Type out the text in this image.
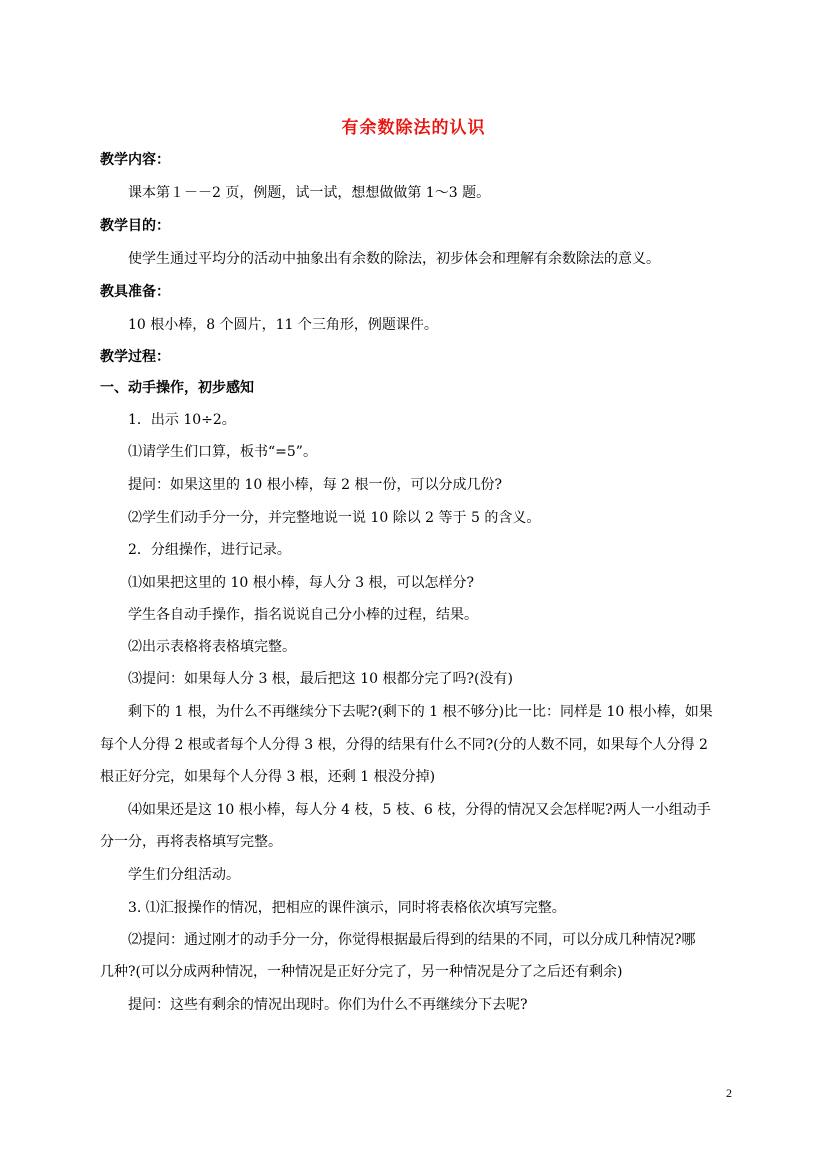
有余数除法的认识
教学内容：
课本第１－－2 页，例题，试一试，想想做做第 1～3 题。
教学目的：
使学生通过平均分的活动中抽象出有余数的除法，初步体会和理解有余数除法的意义。
教具准备：
10 根小棒，8 个圆片，11 个三角形，例题课件。
教学过程：
一、动手操作，初步感知
1．出示 10÷2。
⑴请学生们口算，板书“=5”。
提问：如果这里的 10 根小棒，每 2 根一份，可以分成几份?
⑵学生们动手分一分，并完整地说一说 10 除以 2 等于 5 的含义。
2．分组操作，进行记录。
⑴如果把这里的 10 根小棒，每人分 3 根，可以怎样分?
学生各自动手操作，指名说说自己分小棒的过程，结果。
⑵出示表格将表格填完整。
⑶提问：如果每人分 3 根，最后把这 10 根都分完了吗?(没有)
剩下的 1 根，为什么不再继续分下去呢?(剩下的 1 根不够分)比一比：同样是 10 根小棒，如果
每个人分得 2 根或者每个人分得 3 根，分得的结果有什么不同?(分的人数不同，如果每个人分得 2
根正好分完，如果每个人分得 3 根，还剩 1 根没分掉)
⑷如果还是这 10 根小棒，每人分 4 枝，5 枝、6 枝，分得的情况又会怎样呢?两人一小组动手
分一分，再将表格填写完整。
学生们分组活动。
3. ⑴汇报操作的情况，把相应的课件演示，同时将表格依次填写完整。
⑵提问：通过刚才的动手分一分，你觉得根据最后得到的结果的不同，可以分成几种情况?哪
几种?(可以分成两种情况，一种情况是正好分完了，另一种情况是分了之后还有剩余)
提问：这些有剩余的情况出现时。你们为什么不再继续分下去呢?
2
